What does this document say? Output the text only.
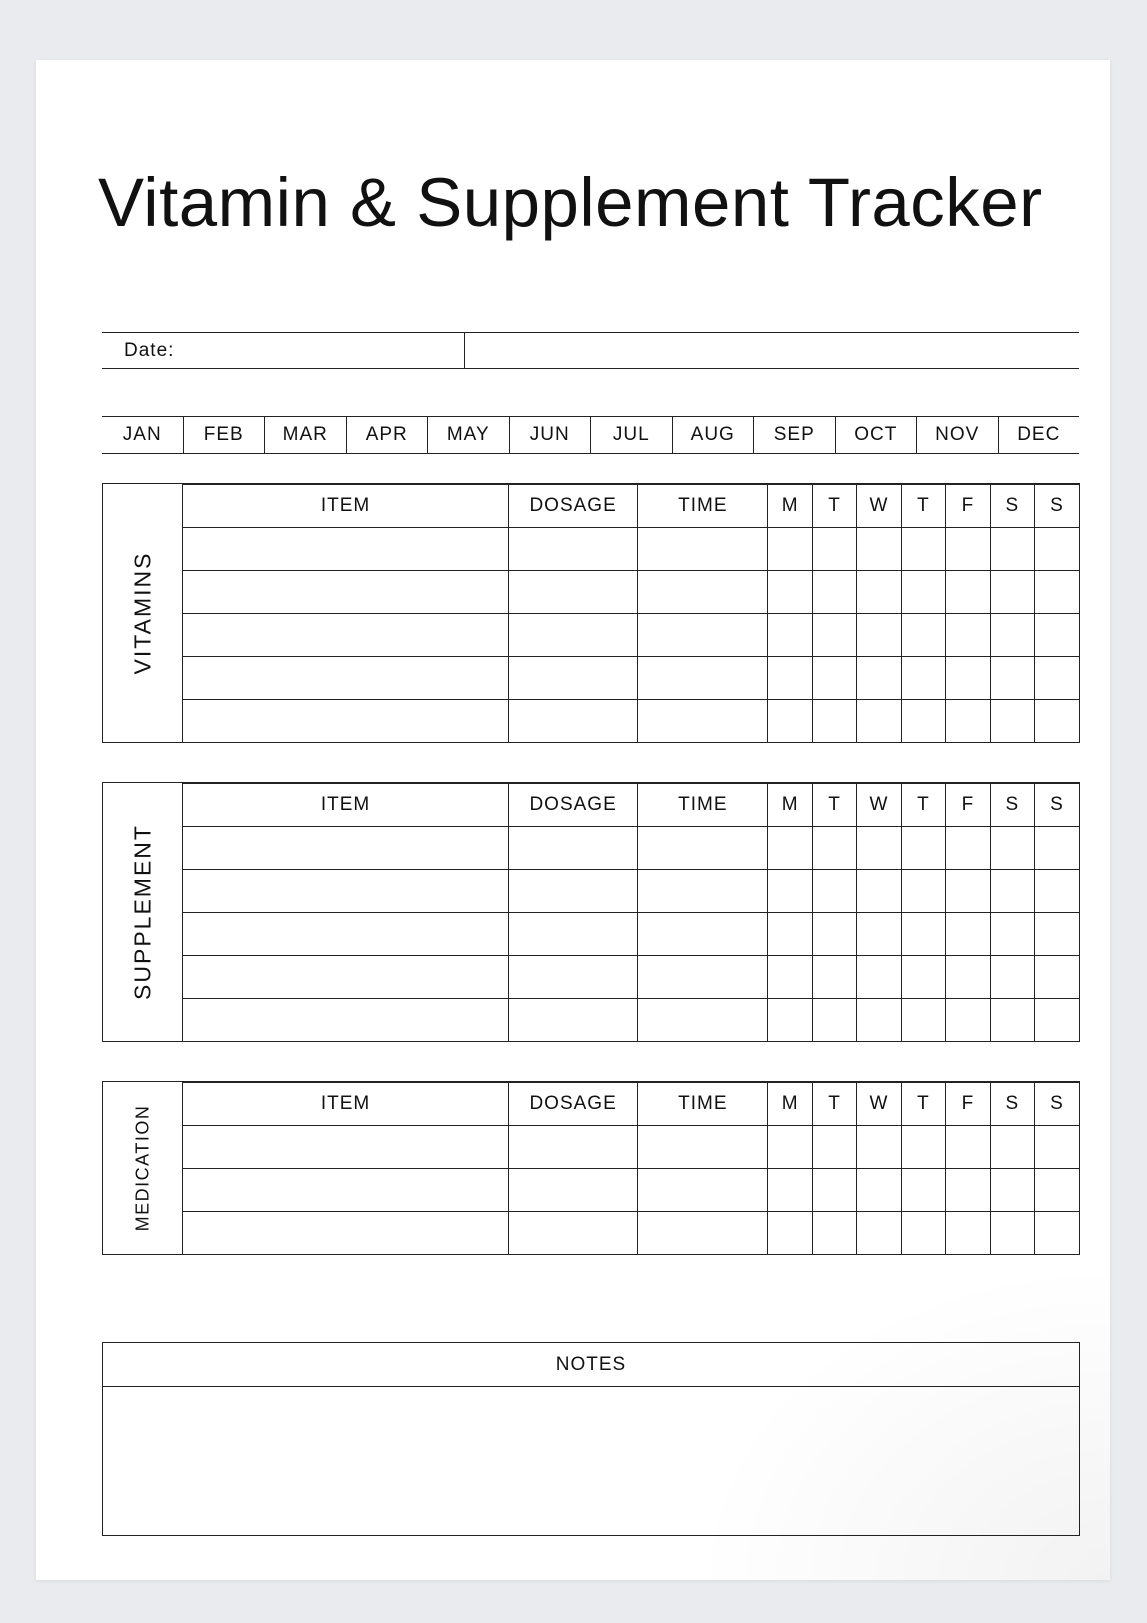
Vitamin & Supplement Tracker
Date:
JAN	FEB	MAR	APR	MAY	JUN	JUL	AUG	SEP	OCT	NOV	DEC
VITAMINS
ITEM	DOSAGE	TIME	M	T	W	T	F	S	S

SUPPLEMENT
ITEM	DOSAGE	TIME	M	T	W	T	F	S	S

MEDICATION
ITEM	DOSAGE	TIME	M	T	W	T	F	S	S

NOTES
